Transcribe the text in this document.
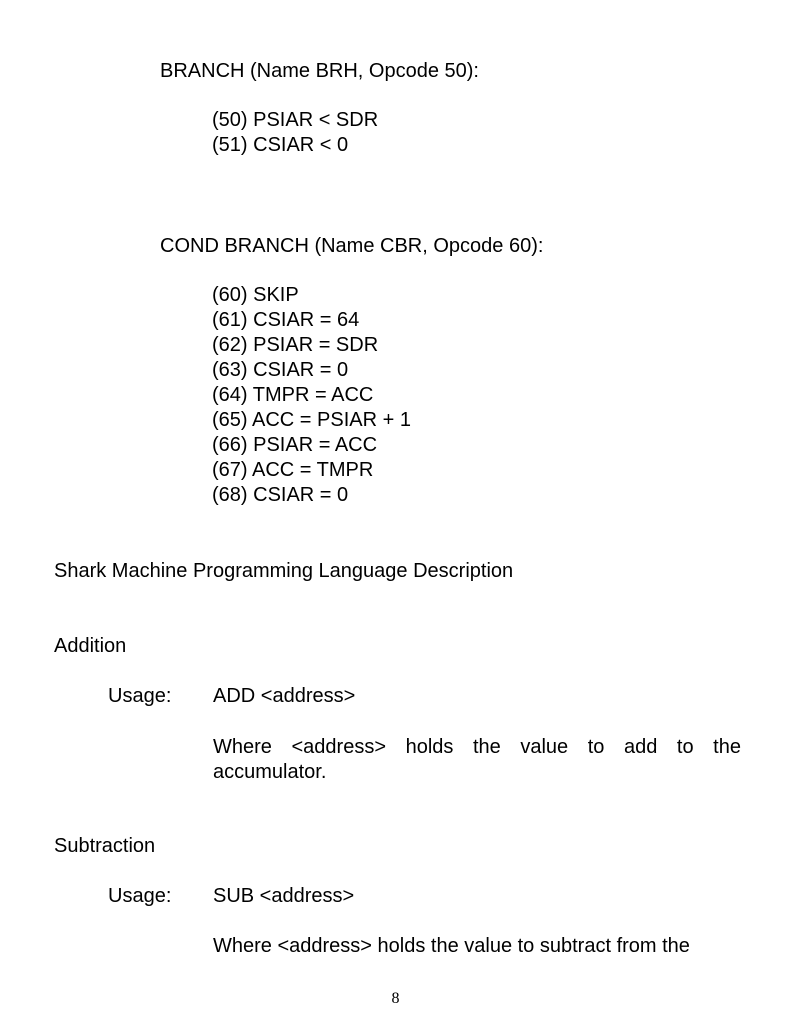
BRANCH (Name BRH, Opcode 50):
(50) PSIAR < SDR
(51) CSIAR < 0
COND BRANCH (Name CBR, Opcode 60):
(60) SKIP
(61) CSIAR = 64
(62) PSIAR = SDR
(63) CSIAR = 0
(64) TMPR = ACC
(65) ACC = PSIAR + 1
(66) PSIAR = ACC
(67) ACC = TMPR
(68) CSIAR = 0
Shark Machine Programming Language Description
Addition
Usage: ADD <address>
Where <address> holds the value to add to the accumulator.
Subtraction
Usage: SUB <address>
Where <address> holds the value to subtract from the
8
